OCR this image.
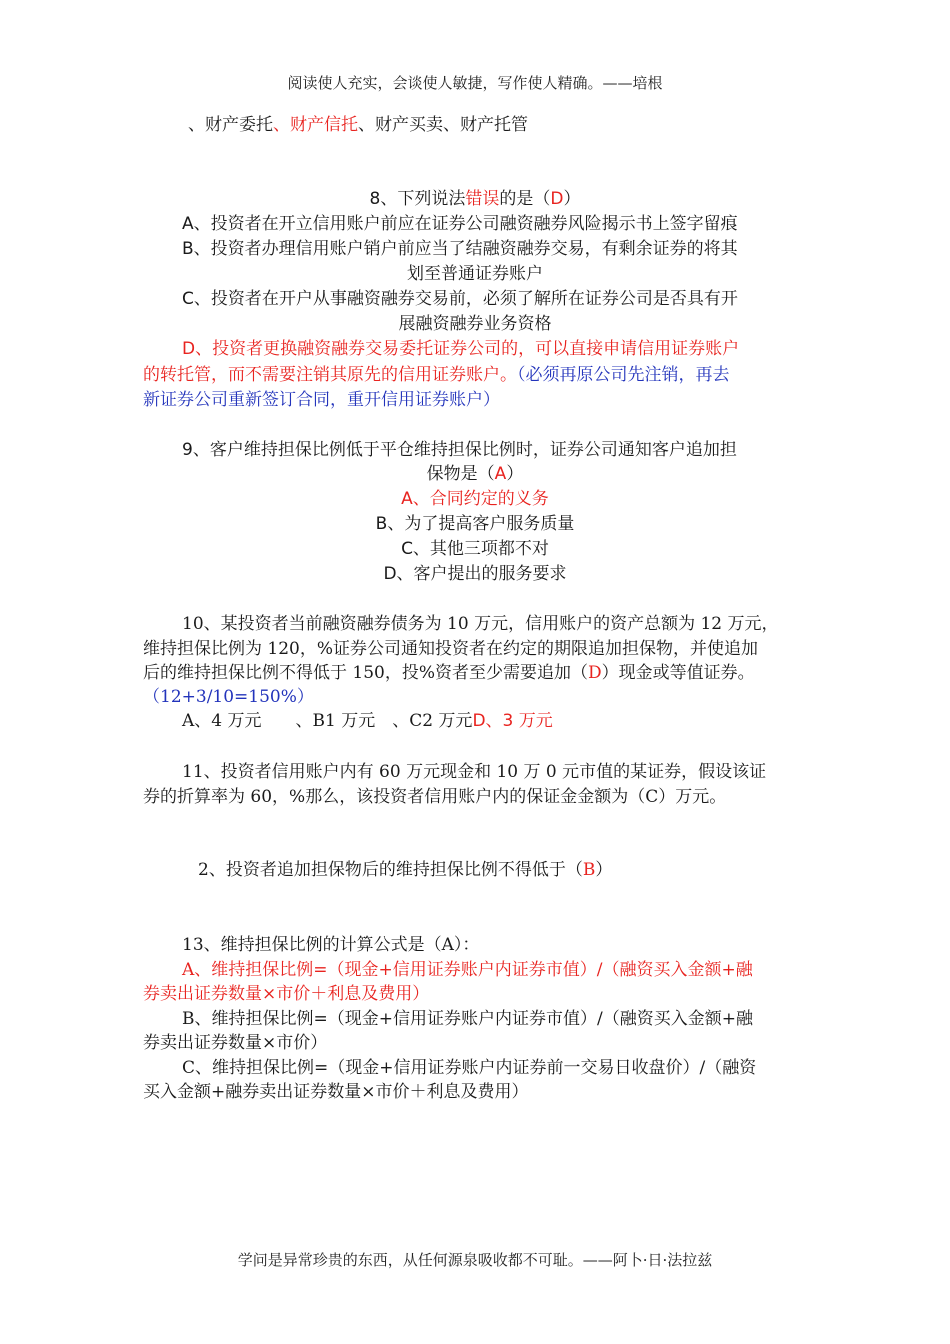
阅读使人充实，会谈使人敏捷，写作使人精确。——培根
、财产委托、财产信托、财产买卖、财产托管
8、下列说法错误的是（D）
A、投资者在开立信用账户前应在证券公司融资融券风险揭示书上签字留痕
B、投资者办理信用账户销户前应当了结融资融券交易，有剩余证券的将其
划至普通证券账户
C、投资者在开户从事融资融券交易前，必须了解所在证券公司是否具有开
展融资融券业务资格
D、投资者更换融资融券交易委托证券公司的，可以直接申请信用证券账户
的转托管，而不需要注销其原先的信用证券账户。（必须再原公司先注销，再去
新证券公司重新签订合同，重开信用证券账户）
9、客户维持担保比例低于平仓维持担保比例时，证券公司通知客户追加担
保物是（A）
A、合同约定的义务
B、为了提高客户服务质量
C、其他三项都不对
D、客户提出的服务要求
10、某投资者当前融资融券债务为 10 万元，信用账户的资产总额为 12 万元，
维持担保比例为 120，%证券公司通知投资者在约定的期限追加担保物，并使追加
后的维持担保比例不得低于 150，投%资者至少需要追加（D）现金或等值证券。
（12+3/10=150%）
A、4 万元　　、B1 万元　、C2 万元D、3 万元
11、投资者信用账户内有 60 万元现金和 10 万 0 元市值的某证券，假设该证
券的折算率为 60，%那么，该投资者信用账户内的保证金金额为（C）万元。
2、投资者追加担保物后的维持担保比例不得低于（B）
13、维持担保比例的计算公式是（A）：
A、维持担保比例=（现金+信用证券账户内证券市值）/（融资买入金额+融
券卖出证券数量×市价＋利息及费用）
B、维持担保比例=（现金+信用证券账户内证券市值）/（融资买入金额+融
券卖出证券数量×市价）
C、维持担保比例=（现金+信用证券账户内证券前一交易日收盘价）/（融资
买入金额+融券卖出证券数量×市价＋利息及费用）
学问是异常珍贵的东西，从任何源泉吸收都不可耻。——阿卜·日·法拉兹
